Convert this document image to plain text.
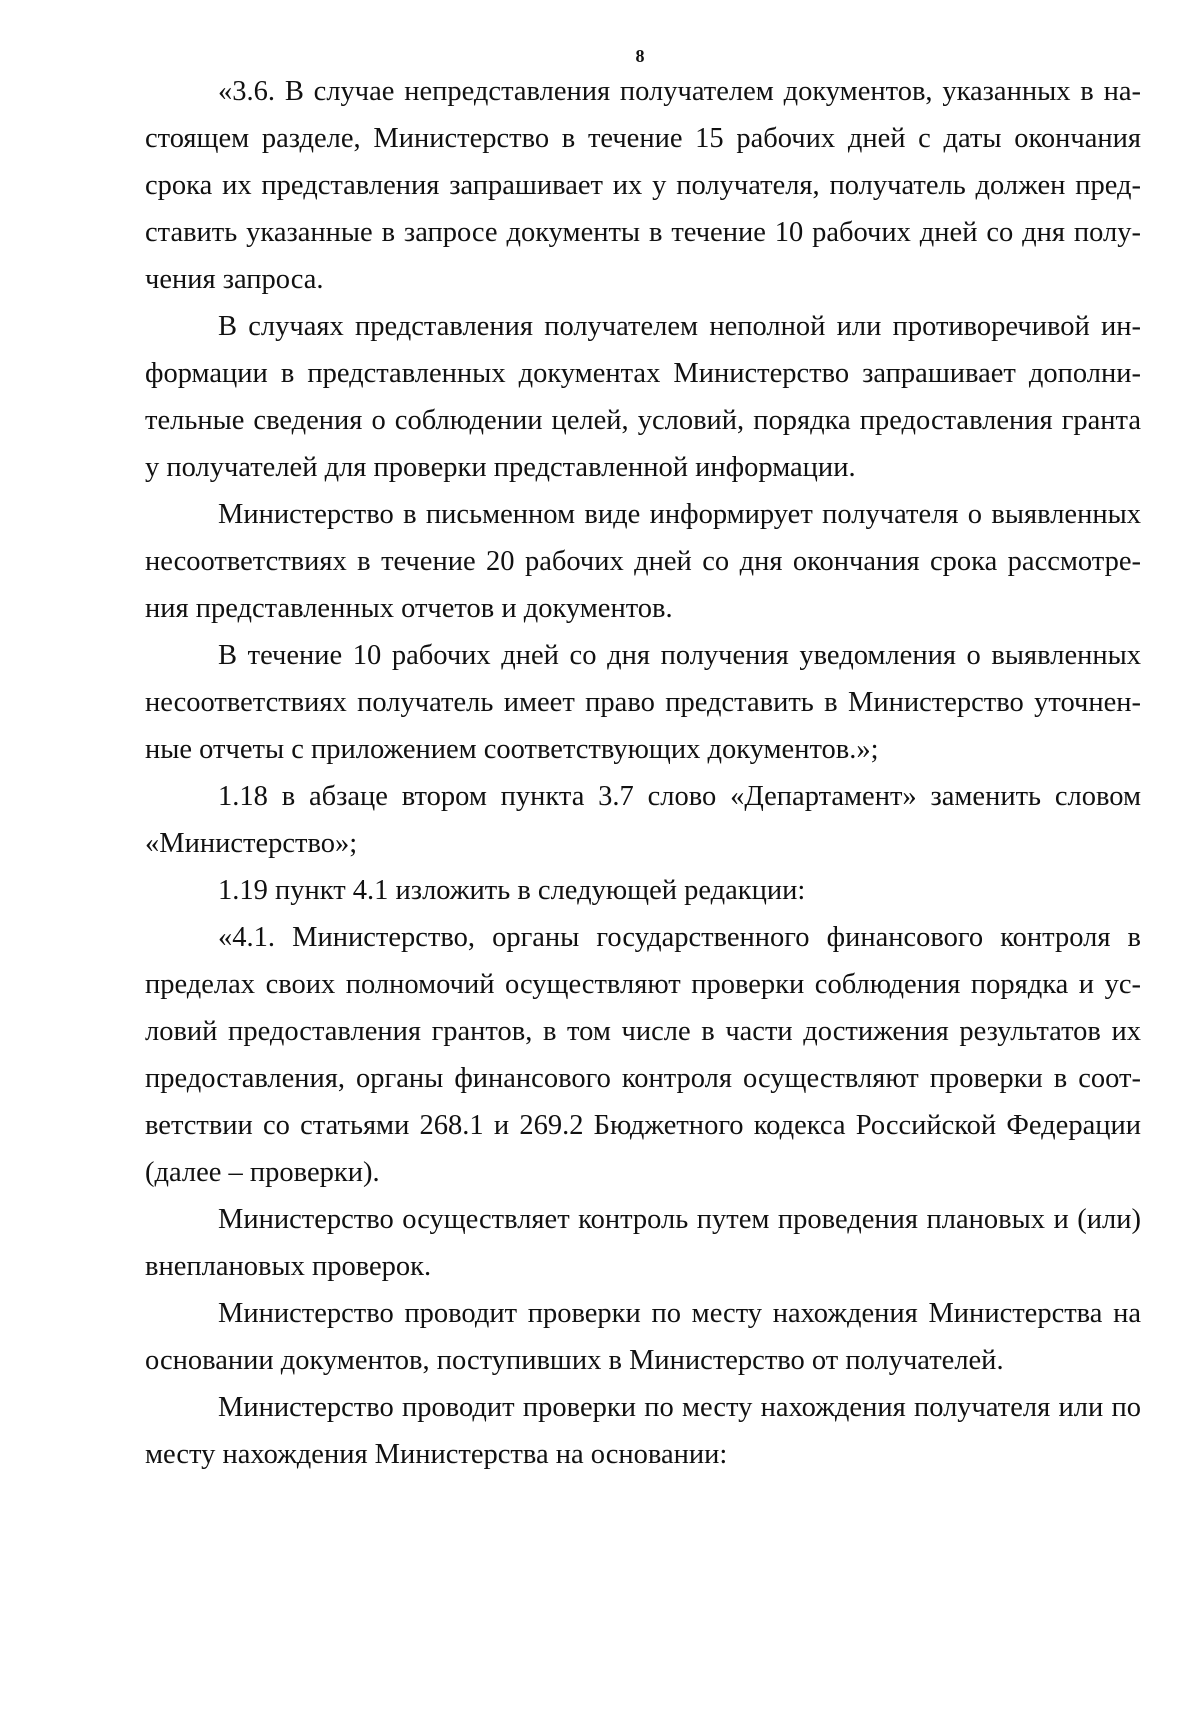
8

«3.6. В случае непредставления получателем документов, указанных в настоящем разделе, Министерство в течение 15 рабочих дней с даты окончания срока их представления запрашивает их у получателя, получатель должен представить указанные в запросе документы в течение 10 рабочих дней со дня получения запроса.

В случаях представления получателем неполной или противоречивой информации в представленных документах Министерство запрашивает дополнительные сведения о соблюдении целей, условий, порядка предоставления гранта у получателей для проверки представленной информации.

Министерство в письменном виде информирует получателя о выявленных несоответствиях в течение 20 рабочих дней со дня окончания срока рассмотрения представленных отчетов и документов.

В течение 10 рабочих дней со дня получения уведомления о выявленных несоответствиях получатель имеет право представить в Министерство уточненные отчеты с приложением соответствующих документов.»;

1.18 в абзаце втором пункта 3.7 слово «Департамент» заменить словом «Министерство»;

1.19 пункт 4.1 изложить в следующей редакции:

«4.1. Министерство, органы государственного финансового контроля в пределах своих полномочий осуществляют проверки соблюдения порядка и условий предоставления грантов, в том числе в части достижения результатов их предоставления, органы финансового контроля осуществляют проверки в соответствии со статьями 268.1 и 269.2 Бюджетного кодекса Российской Федерации (далее – проверки).

Министерство осуществляет контроль путем проведения плановых и (или) внеплановых проверок.

Министерство проводит проверки по месту нахождения Министерства на основании документов, поступивших в Министерство от получателей.

Министерство проводит проверки по месту нахождения получателя или по месту нахождения Министерства на основании:
